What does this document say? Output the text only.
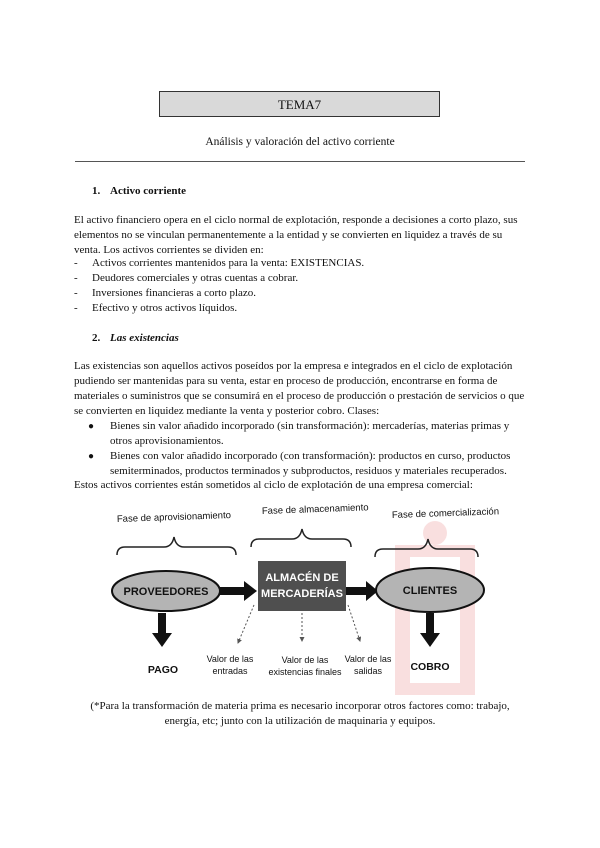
TEMA7
Análisis y valoración del activo corriente
1. Activo corriente
El activo financiero opera en el ciclo normal de explotación, responde a decisiones a corto plazo, sus elementos no se vinculan permanentemente a la entidad y se convierten en liquidez a través de su venta. Los activos corrientes se dividen en:
- Activos corrientes mantenidos para la venta: EXISTENCIAS.
- Deudores comerciales y otras cuentas a cobrar.
- Inversiones financieras a corto plazo.
- Efectivo y otros activos líquidos.
2. Las existencias
Las existencias son aquellos activos poseídos por la empresa e integrados en el ciclo de explotación pudiendo ser mantenidas para su venta, estar en proceso de producción, encontrarse en forma de materiales o suministros que se consumirá en el proceso de producción o prestación de servicios o que se convierten en liquidez mediante la venta y posterior cobro. Clases:
● Bienes sin valor añadido incorporado (sin transformación): mercaderías, materias primas y otros aprovisionamientos.
● Bienes con valor añadido incorporado (con transformación): productos en curso, productos semiterminados, productos terminados y subproductos, residuos y materiales recuperados.
Estos activos corrientes están sometidos al ciclo de explotación de una empresa comercial:
Fase de aprovisionamiento
Fase de almacenamiento Fase de comercialización
PROVEEDORES
ALMACÉN DE
MERCADERÍAS	CLIENTES
PAGO	COBRO
Valor de las
entradas
Valor de las
existencias finales
Valor de las
salidas
(*Para la transformación de materia prima es necesario incorporar otros factores como: trabajo, energía, etc; junto con la utilización de maquinaria y equipos.
